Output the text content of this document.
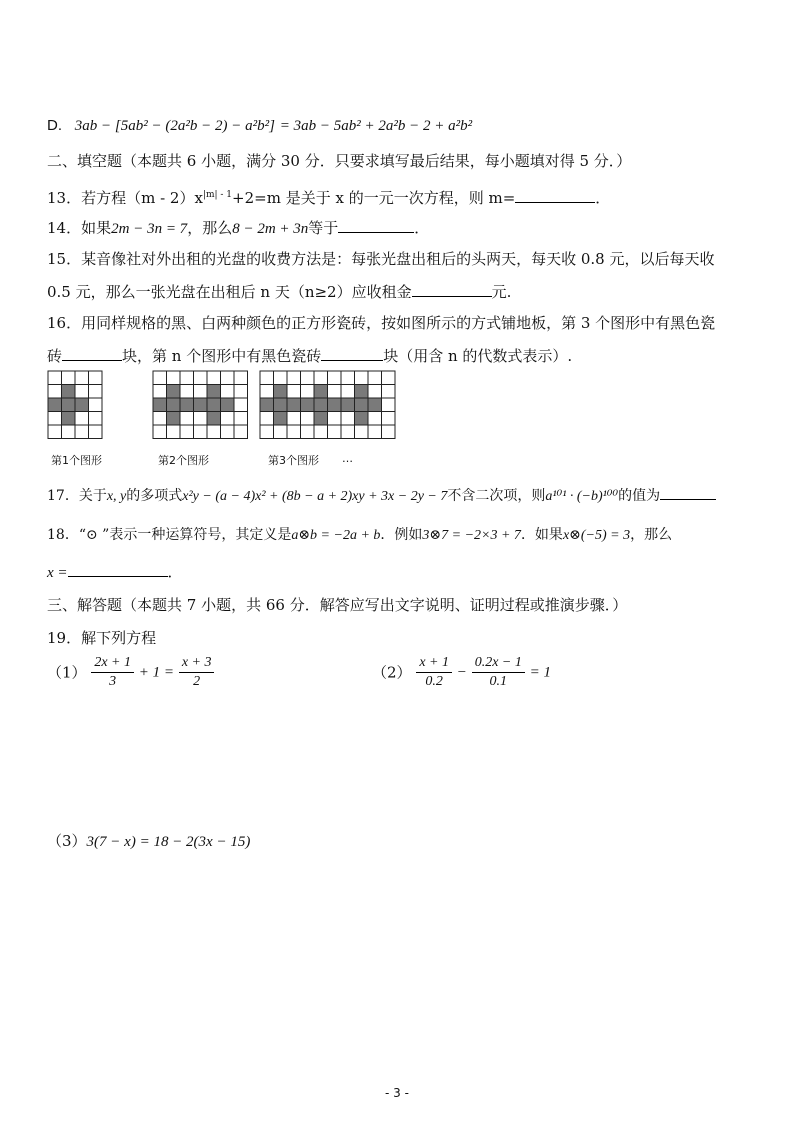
D. 3ab − [5ab² − (2a²b − 2) − a²b²] = 3ab − 5ab² + 2a²b − 2 + a²b²
二、填空题（本题共 6 小题，满分 30 分．只要求填写最后结果，每小题填对得 5 分．）
13．若方程$(m - 2)x^{|m| - 1}+2=m$ 是关于 x 的一元一次方程，则 m=	．
14．如果2m − 3n = 7，那么8 − 2m + 3n等于	．
15．某音像社对外出租的光盘的收费方法是：每张光盘出租后的头两天，每天收 0.8 元，以后每天收
0.5 元，那么一张光盘在出租后 n 天（n≥2）应收租金	元.
16．用同样规格的黑、白两种颜色的正方形瓷砖，按如图所示的方式铺地板，第 3 个图形中有黑色瓷
砖	块，第 n 个图形中有黑色瓷砖	块（用含 n 的代数式表示）.
第1个图形	第2个图形	第3个图形 …
17．关于x, y的多项式x²y − (a − 4)x² + (8b − a + 2)xy + 3x − 2y − 7不含二次项，则a¹⁰¹ · (−b)¹⁰⁰的值为
18．“⊙ ”表示一种运算符号，其定义是a⊗b = −2a + b．例如3⊗7 = −2×3 + 7．如果x⊗(−5) = 3，那么
x =	．
三、解答题（本题共 7 小题，共 66 分．解答应写出文字说明、证明过程或推演步骤．）
19．解下列方程
$(1) \frac{2x + 1}{3} + 1 = \frac{x + 3}{2}$	$(2) \frac{x + 1}{0.2} - \frac{0.2x - 1}{0.1} = 1$
（3）3(7 − x) = 18 − 2(3x − 15)
- 3 -
